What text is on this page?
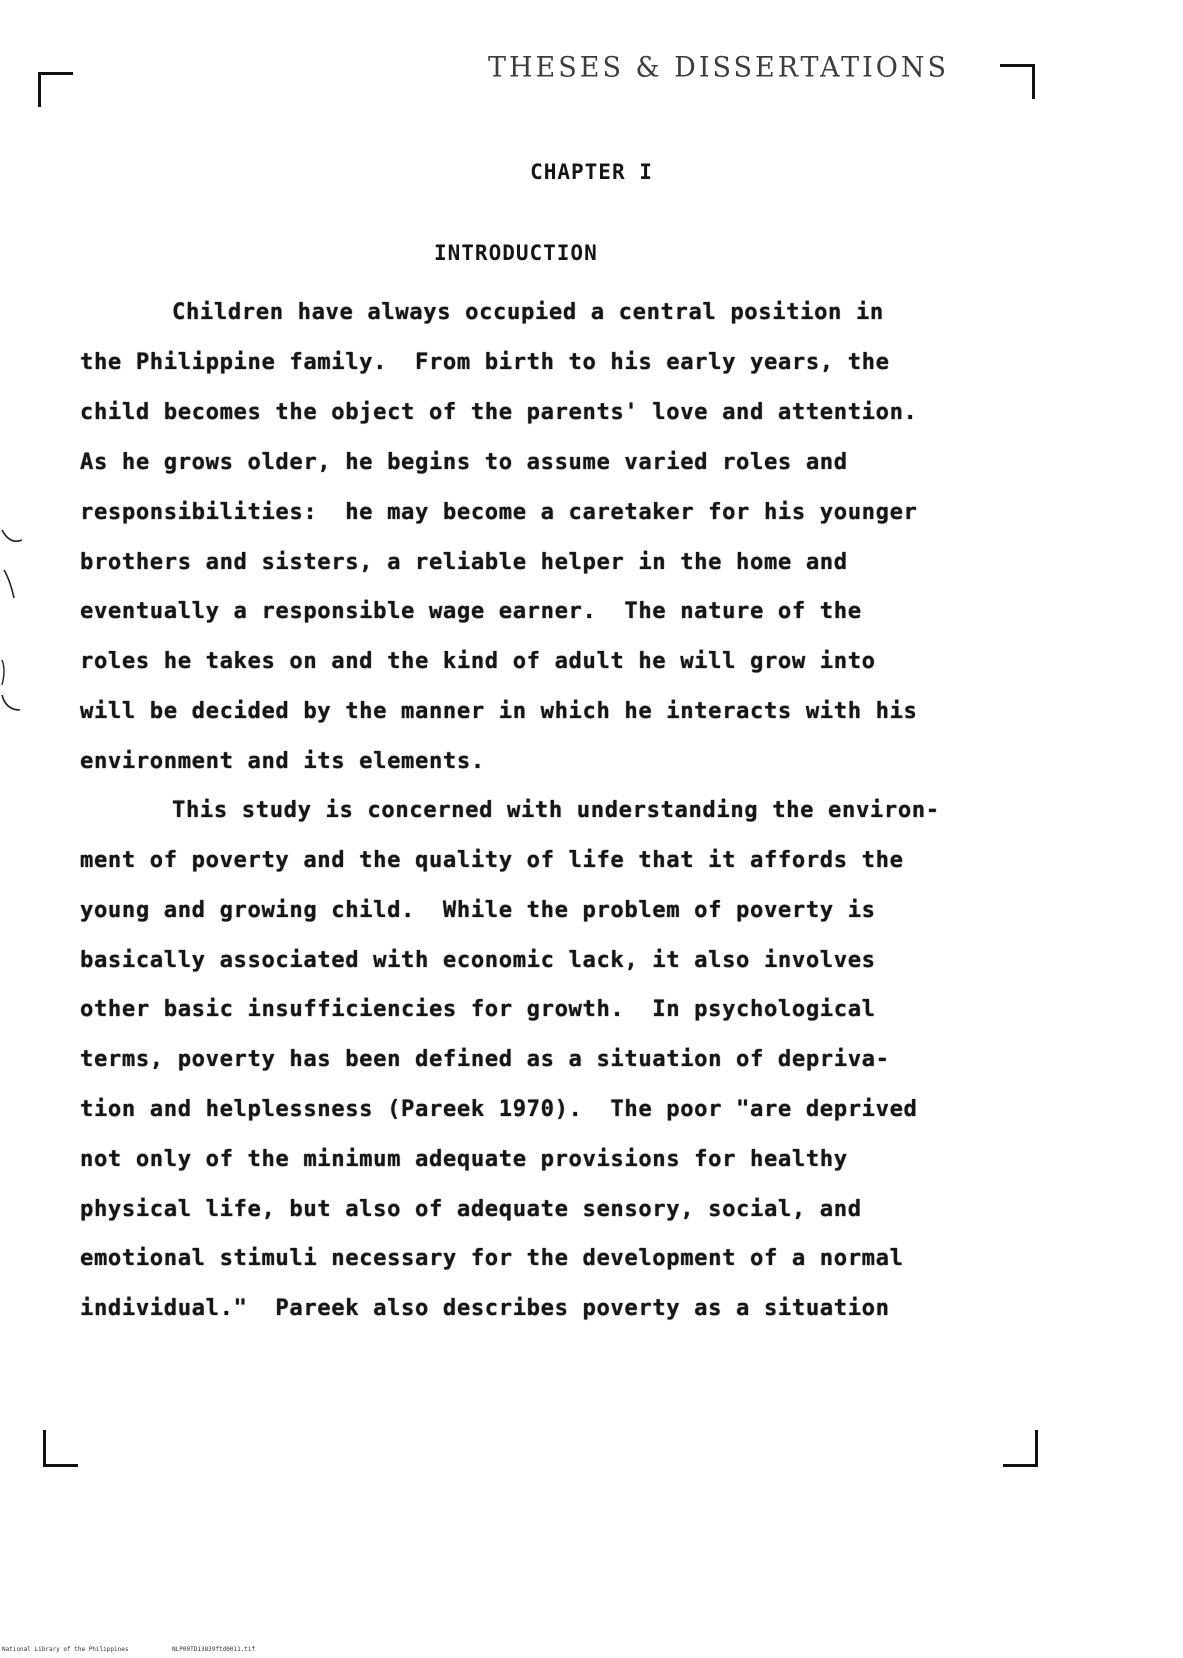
THESES & DISSERTATIONS
CHAPTER I
INTRODUCTION
Children have always occupied a central position in
the Philippine family.  From birth to his early years, the
child becomes the object of the parents' love and attention.
As he grows older, he begins to assume varied roles and
responsibilities:  he may become a caretaker for his younger
brothers and sisters, a reliable helper in the home and
eventually a responsible wage earner.  The nature of the
roles he takes on and the kind of adult he will grow into
will be decided by the manner in which he interacts with his
environment and its elements.
This study is concerned with understanding the environ-
ment of poverty and the quality of life that it affords the
young and growing child.  While the problem of poverty is
basically associated with economic lack, it also involves
other basic insufficiencies for growth.  In psychological
terms, poverty has been defined as a situation of depriva-
tion and helplessness (Pareek 1970).  The poor "are deprived
not only of the minimum adequate provisions for healthy
physical life, but also of adequate sensory, social, and
emotional stimuli necessary for the development of a normal
individual."  Pareek also describes poverty as a situation
National Library of the Philippines	NLP00TD13839ftd0011.tif
